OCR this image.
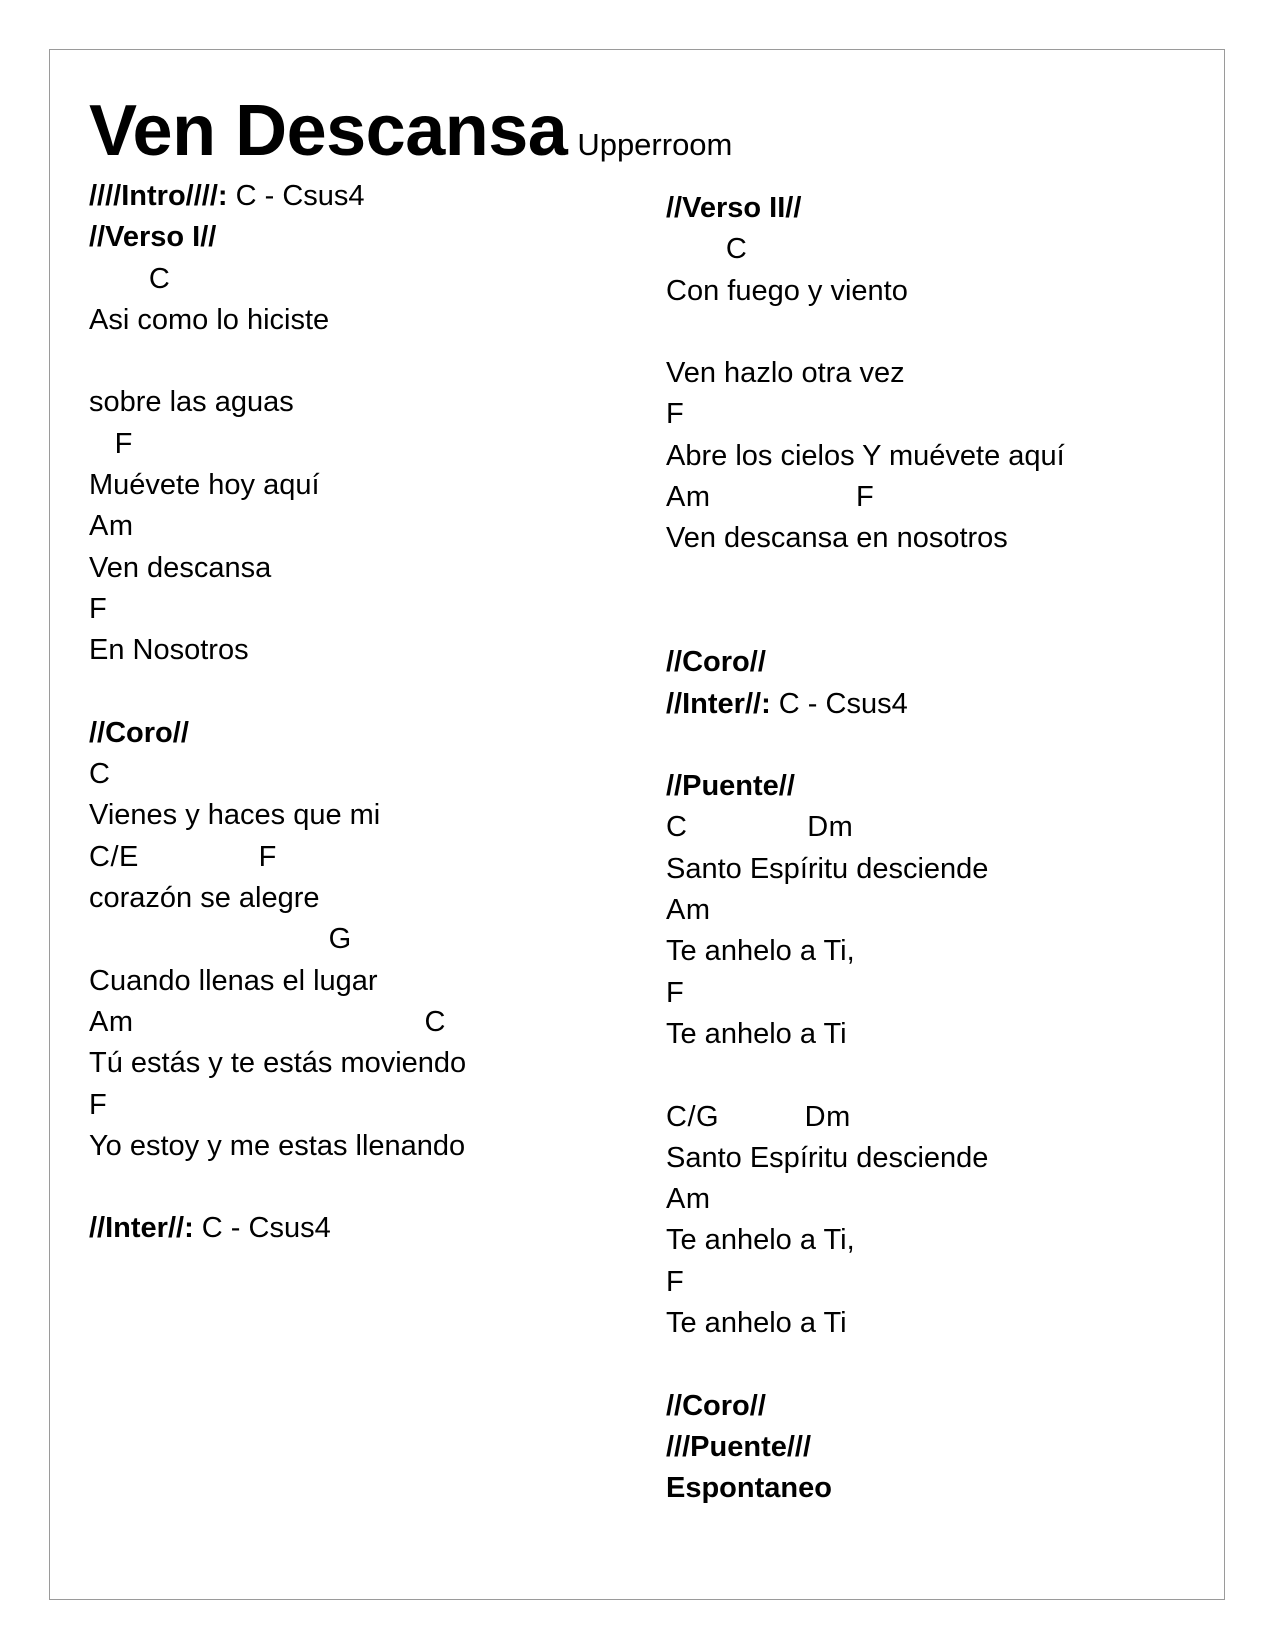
Ven Descansa Upperroom
////Intro////: C - Csus4
//Verso I//
C
Asi como lo hiciste
sobre las aguas
F
Muévete hoy aquí
Am
Ven descansa
F
En Nosotros
//Coro//
C
Vienes y haces que mi
C/E              F
corazón se alegre
G
Cuando llenas el lugar
Am                                  C
Tú estás y te estás moviendo
F
Yo estoy y me estas llenando
//Inter//: C - Csus4
//Verso II//
C
Con fuego y viento
Ven hazlo otra vez
F
Abre los cielos Y muévete aquí
Am                 F
Ven descansa en nosotros
//Coro//
//Inter//: C - Csus4
//Puente//
C              Dm
Santo Espíritu desciende
Am
Te anhelo a Ti,
F
Te anhelo a Ti
C/G          Dm
Santo Espíritu desciende
Am
Te anhelo a Ti,
F
Te anhelo a Ti
//Coro//
///Puente///
Espontaneo
